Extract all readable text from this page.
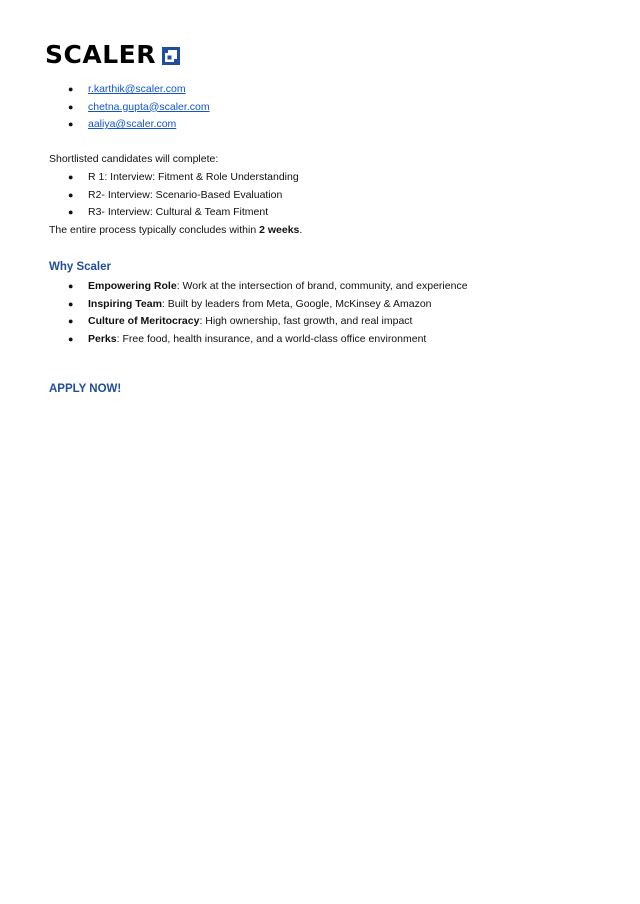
SCALER
● r.karthik@scaler.com
● chetna.gupta@scaler.com
● aaliya@scaler.com
Shortlisted candidates will complete:
● R 1: Interview: Fitment & Role Understanding
● R2- Interview: Scenario-Based Evaluation
● R3- Interview: Cultural & Team Fitment
The entire process typically concludes within 2 weeks.
Why Scaler
● Empowering Role: Work at the intersection of brand, community, and experience
● Inspiring Team: Built by leaders from Meta, Google, McKinsey & Amazon
● Culture of Meritocracy: High ownership, fast growth, and real impact
● Perks: Free food, health insurance, and a world-class office environment
APPLY NOW!
